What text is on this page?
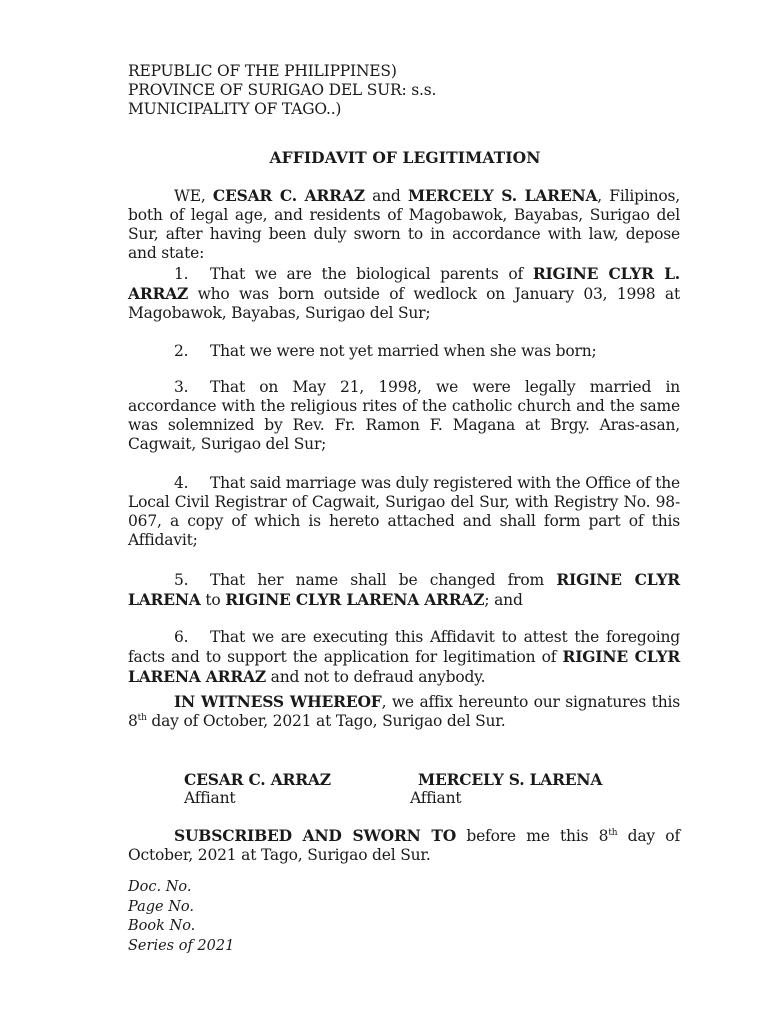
REPUBLIC OF THE PHILIPPINES)
PROVINCE OF SURIGAO DEL SUR: s.s.
MUNICIPALITY OF TAGO..)
AFFIDAVIT OF LEGITIMATION
WE, CESAR C. ARRAZ and MERCELY S. LARENA, Filipinos, both of legal age, and residents of Magobawok, Bayabas, Surigao del Sur, after having been duly sworn to in accordance with law, depose and state:
1. That we are the biological parents of RIGINE CLYR L. ARRAZ who was born outside of wedlock on January 03, 1998 at Magobawok, Bayabas, Surigao del Sur;
2. That we were not yet married when she was born;
3. That on May 21, 1998, we were legally married in accordance with the religious rites of the catholic church and the same was solemnized by Rev. Fr. Ramon F. Magana at Brgy. Aras-asan, Cagwait, Surigao del Sur;
4. That said marriage was duly registered with the Office of the Local Civil Registrar of Cagwait, Surigao del Sur, with Registry No. 98-067, a copy of which is hereto attached and shall form part of this Affidavit;
5. That her name shall be changed from RIGINE CLYR LARENA to RIGINE CLYR LARENA ARRAZ; and
6. That we are executing this Affidavit to attest the foregoing facts and to support the application for legitimation of RIGINE CLYR LARENA ARRAZ and not to defraud anybody.
IN WITNESS WHEREOF, we affix hereunto our signatures this 8th day of October, 2021 at Tago, Surigao del Sur.
CESAR C. ARRAZ
Affiant
MERCELY S. LARENA
Affiant
SUBSCRIBED AND SWORN TO before me this 8th day of October, 2021 at Tago, Surigao del Sur.
Doc. No.
Page No.
Book No.
Series of 2021
